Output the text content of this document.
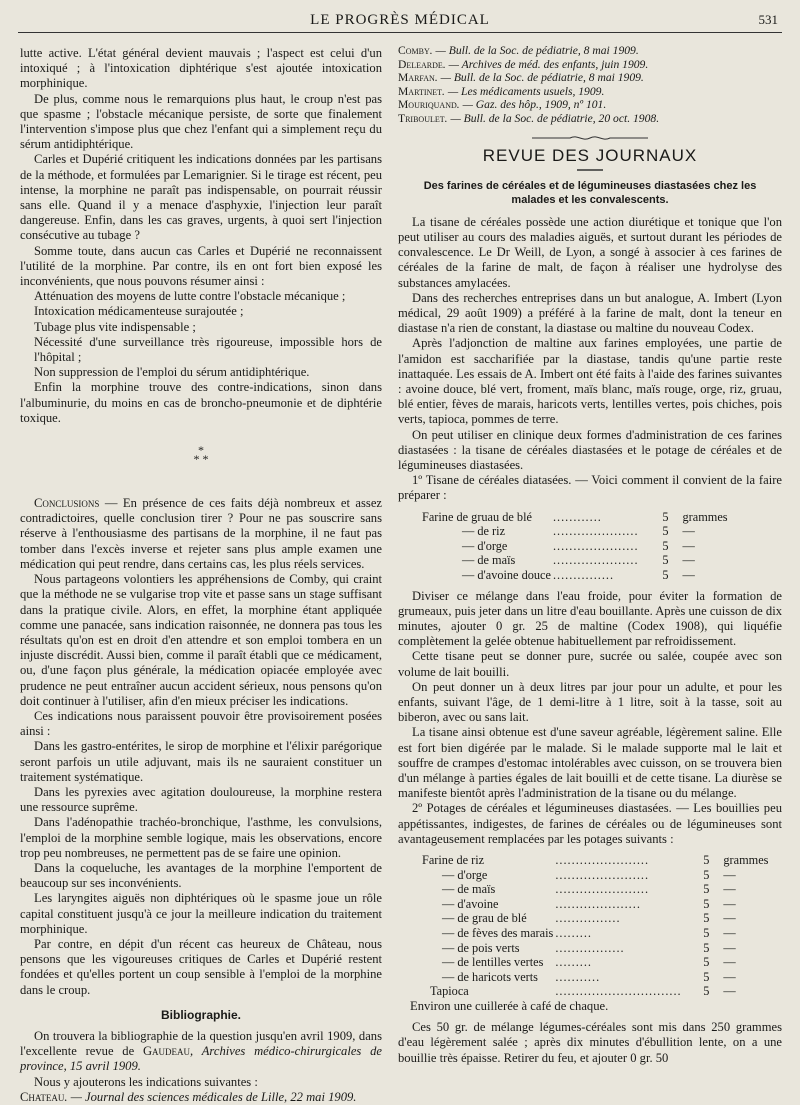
LE PROGRÈS MÉDICAL	531

lutte active. L'état général devient mauvais ; l'aspect est celui d'un intoxiqué ; à l'intoxication diphtérique s'est ajoutée intoxication morphinique.

De plus, comme nous le remarquions plus haut, le croup n'est pas que spasme ; l'obstacle mécanique persiste, de sorte que finalement l'intervention s'impose plus que chez l'enfant qui a simplement reçu du sérum antidiphtérique.

Carles et Dupérié critiquent les indications données par les partisans de la méthode, et formulées par Lemarignier. Si le tirage est récent, peu intense, la morphine ne paraît pas indispensable, on pourrait réussir sans elle. Quand il y a menace d'asphyxie, l'injection leur paraît dangereuse. Enfin, dans les cas graves, urgents, à quoi sert l'injection consécutive au tubage ?

Somme toute, dans aucun cas Carles et Dupérié ne reconnaissent l'utilité de la morphine. Par contre, ils en ont fort bien exposé les inconvénients, que nous pouvons résumer ainsi :

Atténuation des moyens de lutte contre l'obstacle mécanique ;

Intoxication médicamenteuse surajoutée ;

Tubage plus vite indispensable ;

Nécessité d'une surveillance très rigoureuse, impossible hors de l'hôpital ;

Non suppression de l'emploi du sérum antidiphtérique.

Enfin la morphine trouve des contre-indications, sinon dans l'albuminurie, du moins en cas de broncho-pneumonie et de diphtérie toxique.

*
* *

Conclusions — En présence de ces faits déjà nombreux et assez contradictoires, quelle conclusion tirer ? Pour ne pas souscrire sans réserve à l'enthousiasme des partisans de la morphine, il ne faut pas tomber dans l'excès inverse et rejeter sans plus ample examen une médication qui peut rendre, dans certains cas, les plus réels services.

Nous partageons volontiers les appréhensions de Comby, qui craint que la méthode ne se vulgarise trop vite et passe sans un stage suffisant dans la pratique civile. Alors, en effet, la morphine étant appliquée comme une panacée, sans indication raisonnée, ne donnera pas tous les résultats qu'on est en droit d'en attendre et son emploi tombera en un injuste discrédit. Aussi bien, comme il paraît établi que ce médicament, ou, d'une façon plus générale, la médication opiacée employée avec prudence ne peut entraîner aucun accident sérieux, nous pensons qu'on doit continuer à l'utiliser, afin d'en mieux préciser les indications.

Ces indications nous paraissent pouvoir être provisoirement posées ainsi :

Dans les gastro-entérites, le sirop de morphine et l'élixir parégorique seront parfois un utile adjuvant, mais ils ne sauraient constituer un traitement systématique.

Dans les pyrexies avec agitation douloureuse, la morphine restera une ressource suprême.

Dans l'adénopathie trachéo-bronchique, l'asthme, les convulsions, l'emploi de la morphine semble logique, mais les observations, encore trop peu nombreuses, ne permettent pas de se faire une opinion.

Dans la coqueluche, les avantages de la morphine l'emportent de beaucoup sur ses inconvénients.

Les laryngites aiguës non diphtériques où le spasme joue un rôle capital constituent jusqu'à ce jour la meilleure indication du traitement morphinique.

Par contre, en dépit d'un récent cas heureux de Château, nous pensons que les vigoureuses critiques de Carles et Dupérié restent fondées et qu'elles portent un coup sensible à l'emploi de la morphine dans le croup.

Bibliographie.

On trouvera la bibliographie de la question jusqu'en avril 1909, dans l'excellente revue de Gaudeau, Archives médico-chirurgicales de province, 15 avril 1909.

Nous y ajouterons les indications suivantes :

Chateau. — Journal des sciences médicales de Lille, 22 mai 1909.

Comby. — Bull. de la Soc. de pédiatrie, 8 mai 1909.
Delearde. — Archives de méd. des enfants, juin 1909.
Marfan. — Bull. de la Soc. de pédiatrie, 8 mai 1909.
Martinet. — Les médicaments usuels, 1909.
Mouriquand. — Gaz. des hôp., 1909, nº 101.
Triboulet. — Bull. de la Soc. de pédiatrie, 20 oct. 1908.
REVUE DES JOURNAUX
Des farines de céréales et de légumineuses diastasées chez les malades et les convalescents.

La tisane de céréales possède une action diurétique et tonique que l'on peut utiliser au cours des maladies aiguës, et surtout durant les périodes de convalescence. Le Dr Weill, de Lyon, a songé à associer à ces farines de céréales de la farine de malt, de façon à réaliser une hydrolyse des substances amylacées.

Dans des recherches entreprises dans un but analogue, A. Imbert (Lyon médical, 29 août 1909) a préféré à la farine de malt, dont la teneur en diastase n'a rien de constant, la diastase ou maltine du nouveau Codex.

Après l'adjonction de maltine aux farines employées, une partie de l'amidon est saccharifiée par la diastase, tandis qu'une partie reste inattaquée. Les essais de A. Imbert ont été faits à l'aide des farines suivantes : avoine douce, blé vert, froment, maïs blanc, maïs rouge, orge, riz, gruau, blé entier, fèves de marais, haricots verts, lentilles vertes, pois chiches, pois verts, tapioca, pommes de terre.

On peut utiliser en clinique deux formes d'administration de ces farines diastasées : la tisane de céréales diastasées et le potage de céréales et de légumineuses diastasées.

1º Tisane de céréales diatasées. — Voici comment il convient de la faire préparer :

Farine de gruau de blé	............	5	grammes
— de riz	.....................	5	—
— d'orge	.....................	5	—
— de maïs	.....................	5	—
— d'avoine douce	...............	5	—

Diviser ce mélange dans l'eau froide, pour éviter la formation de grumeaux, puis jeter dans un litre d'eau bouillante. Après une cuisson de dix minutes, ajouter 0 gr. 25 de maltine (Codex 1908), qui liquéfie complètement la gelée obtenue habituellement par refroidissement.

Cette tisane peut se donner pure, sucrée ou salée, coupée avec son volume de lait bouilli.

On peut donner un à deux litres par jour pour un adulte, et pour les enfants, suivant l'âge, de 1 demi-litre à 1 litre, soit à la tasse, soit au biberon, avec ou sans lait.

La tisane ainsi obtenue est d'une saveur agréable, légèrement saline. Elle est fort bien digérée par le malade. Si le malade supporte mal le lait et souffre de crampes d'estomac intolérables avec cuisson, on se trouvera bien d'un mélange à parties égales de lait bouilli et de cette tisane. La diurèse se manifeste bientôt après l'administration de la tisane ou du mélange.

2º Potages de céréales et légumineuses diastasées. — Les bouillies peu appétissantes, indigestes, de farines de céréales ou de légumineuses sont avantageusement remplacées par les potages suivants :

Farine de riz	.......................	5	grammes
— d'orge	.......................	5	—
— de maïs	.......................	5	—
— d'avoine	.....................	5	—
— de grau de blé	................	5	—
— de fèves des marais	.........	5	—
— de pois verts	.................	5	—
— de lentilles vertes	.........	5	—
— de haricots verts	...........	5	—
Tapioca	...............................	5	—

Environ une cuillerée à café de chaque.

Ces 50 gr. de mélange légumes-céréales sont mis dans 250 grammes d'eau légèrement salée ; après dix minutes d'ébullition lente, on a une bouillie très épaisse. Retirer du feu, et ajouter 0 gr. 50
